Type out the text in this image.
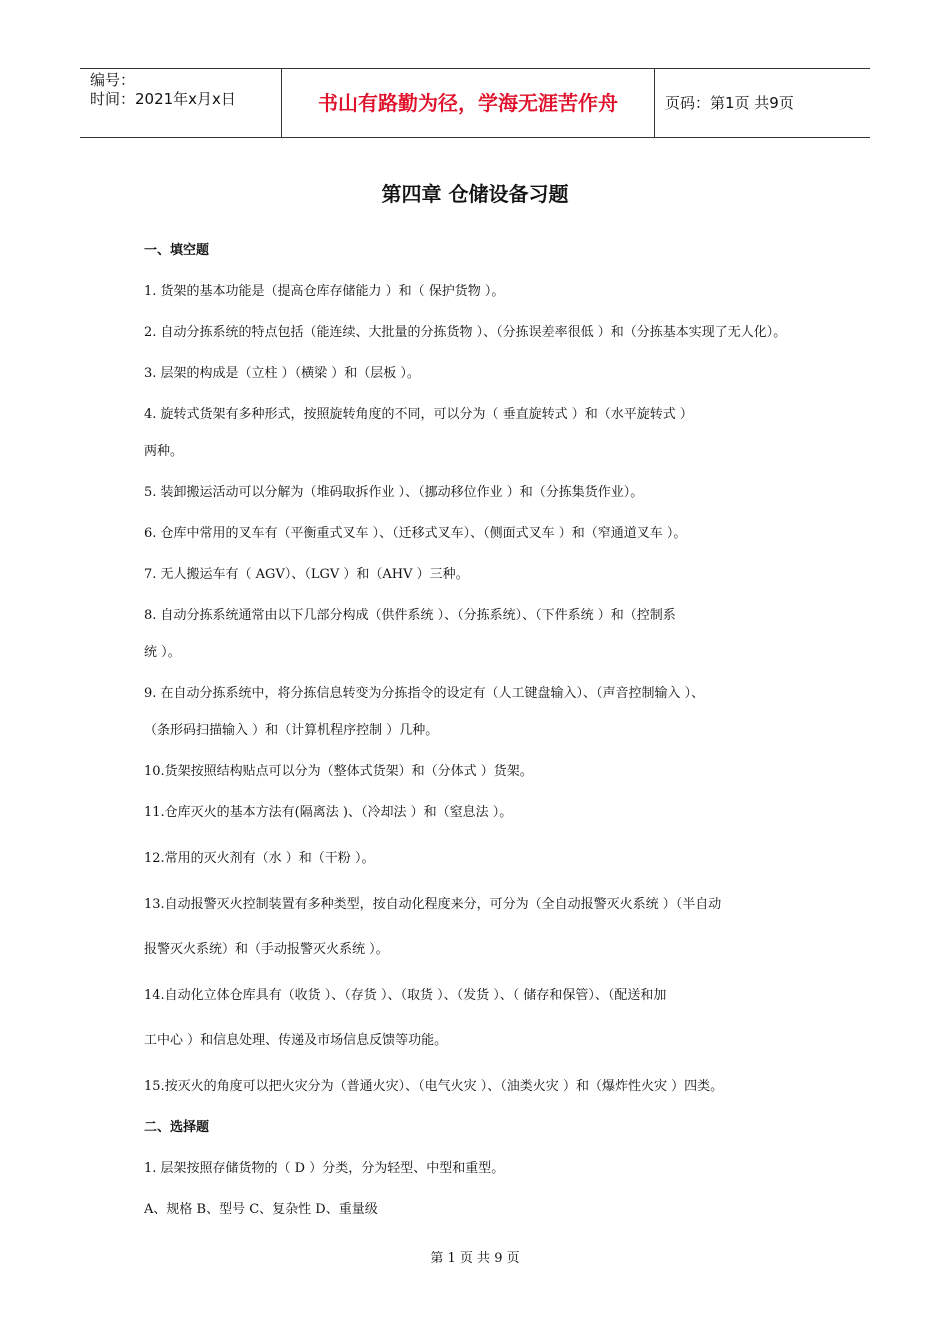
编号：
时间：2021年x月x日	书山有路勤为径，学海无涯苦作舟	页码：第1页 共9页
第四章 仓储设备习题
一、填空题
1. 货架的基本功能是（提高仓库存储能力 ）和（ 保护货物 ）。
2. 自动分拣系统的特点包括（能连续、大批量的分拣货物 ）、（分拣误差率很低 ）和（分拣基本实现了无人化）。
3. 层架的构成是（立柱 ）（横梁 ）和（层板 ）。
4. 旋转式货架有多种形式，按照旋转角度的不同，可以分为（ 垂直旋转式 ）和（水平旋转式 ）
两种。
5. 装卸搬运活动可以分解为（堆码取拆作业 ）、（挪动移位作业 ）和（分拣集货作业）。
6. 仓库中常用的叉车有（平衡重式叉车 ）、（迁移式叉车）、（侧面式叉车 ）和（窄通道叉车 ）。
7. 无人搬运车有（ AGV）、（LGV ）和（AHV ）三种。
8. 自动分拣系统通常由以下几部分构成（供件系统 ）、（分拣系统）、（下件系统 ）和（控制系
统 ）。
9. 在自动分拣系统中，将分拣信息转变为分拣指令的设定有（人工键盘输入）、（声音控制输入 ）、
（条形码扫描输入 ）和（计算机程序控制 ）几种。
10.货架按照结构贴点可以分为（整体式货架）和（分体式 ）货架。
11.仓库灭火的基本方法有(隔离法 )、（冷却法 ）和（窒息法 ）。
12.常用的灭火剂有（水 ）和（干粉 ）。
13.自动报警灭火控制装置有多种类型，按自动化程度来分，可分为（全自动报警灭火系统 ）（半自动
报警灭火系统）和（手动报警灭火系统 ）。
14.自动化立体仓库具有（收货 ）、（存货 ）、（取货 ）、（发货 ）、（ 储存和保管）、（配送和加
工中心 ）和信息处理、传递及市场信息反馈等功能。
15.按灭火的角度可以把火灾分为（普通火灾）、（电气火灾 ）、（油类火灾 ）和（爆炸性火灾 ）四类。
二、选择题
1. 层架按照存储货物的（ D ）分类，分为轻型、中型和重型。
A、规格 B、型号 C、复杂性 D、重量级
第 1 页 共 9 页
